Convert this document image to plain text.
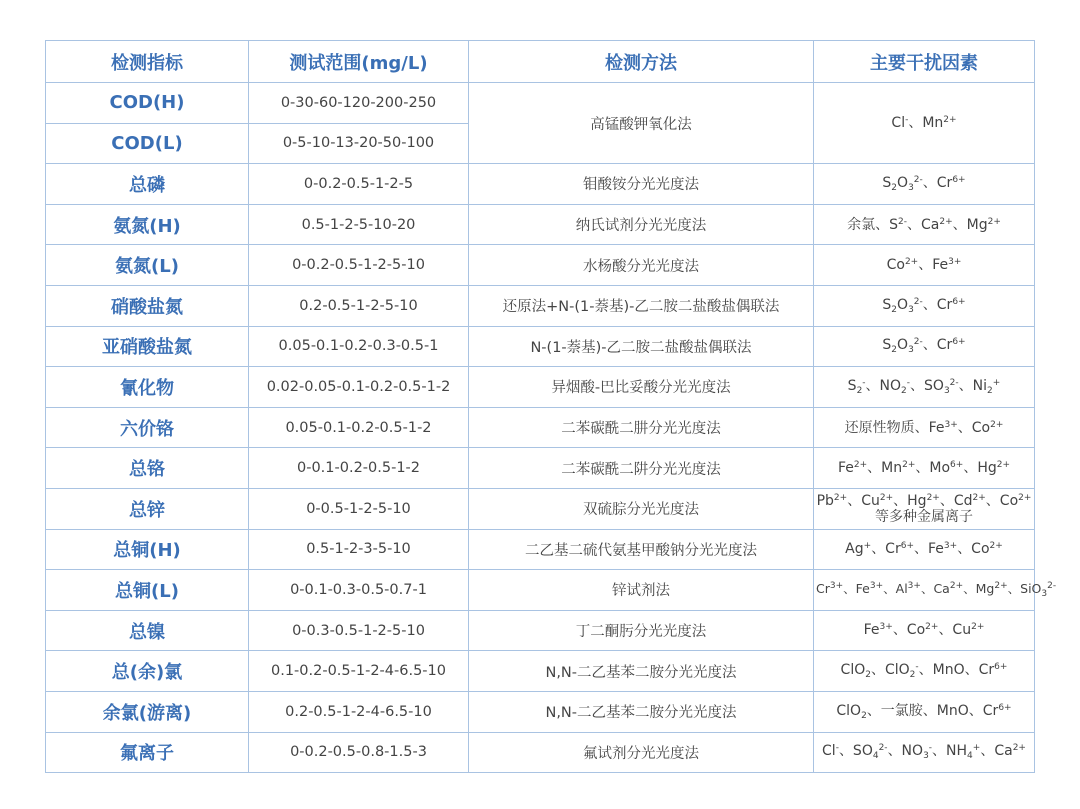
检测指标	测试范围(mg/L)	检测方法	主要干扰因素
COD(H)	0-30-60-120-200-250	高锰酸钾氧化法	Cl-、$Mn^{2+}$
COD(L)	0-5-10-13-20-50-100		
总磷	0-0.2-0.5-1-2-5	钼酸铵分光光度法	$S_2O_3^{2-}$、$Cr^{6+}$
氨氮(H)	0.5-1-2-5-10-20	纳氏试剂分光光度法	余氯、$S^{2-}$、$Ca^{2+}$、$Mg^{2+}$
氨氮(L)	0-0.2-0.5-1-2-5-10	水杨酸分光光度法	$Co^{2+}$、$Fe^{3+}$
硝酸盐氮	0.2-0.5-1-2-5-10	还原法+N-(1-萘基)-乙二胺二盐酸盐偶联法	$S_2O_3^{2-}$、$Cr^{6+}$
亚硝酸盐氮	0.05-0.1-0.2-0.3-0.5-1	N-(1-萘基)-乙二胺二盐酸盐偶联法	$S_2O_3^{2-}$、$Cr^{6+}$
氰化物	0.02-0.05-0.1-0.2-0.5-1-2	异烟酸-巴比妥酸分光光度法	$S_2^-$、$NO_2^-$、$SO_3^{2-}$、$Ni_2^+$
六价铬	0.05-0.1-0.2-0.5-1-2	二苯碳酰二肼分光光度法	还原性物质、$Fe^{3+}$、$Co^{2+}$
总铬	0-0.1-0.2-0.5-1-2	二苯碳酰二阱分光光度法	$Fe^{2+}$、$Mn^{2+}$、$Mo^{6+}$、$Hg^{2+}$
总锌	0-0.5-1-2-5-10	双硫腙分光光度法	$Pb^{2+}$、$Cu^{2+}$、$Hg^{2+}$、$Cd^{2+}$、$Co^{2+}$
等多种金属离子
总铜(H)	0.5-1-2-3-5-10	二乙基二硫代氨基甲酸钠分光光度法	Ag+、$Cr^{6+}$、$Fe^{3+}$、$Co^{2+}$
总铜(L)	0-0.1-0.3-0.5-0.7-1	锌试剂法	$Cr^{3+}$、$Fe^{3+}$、$Al^{3+}$、$Ca^{2+}$、$Mg^{2+}$、SiO$_3^{2-}$
总镍	0-0.3-0.5-1-2-5-10	丁二酮肟分光光度法	$Fe^{3+}$、$Co^{2+}$、$Cu^{2+}$
总(余)氯	0.1-0.2-0.5-1-2-4-6.5-10	N,N-二乙基苯二胺分光光度法	ClO$_2$、ClO$_2$-、MnO、$Cr^{6+}$
余氯(游离)	0.2-0.5-1-2-4-6.5-10	N,N-二乙基苯二胺分光光度法	ClO$_2$、一氯胺、MnO、$Cr^{6+}$
氟离子	0-0.2-0.5-0.8-1.5-3	氟试剂分光光度法	Cl-、$SO_4^{2-}$、$NO_3^-$、$NH_4^+$、$Ca^{2+}$
